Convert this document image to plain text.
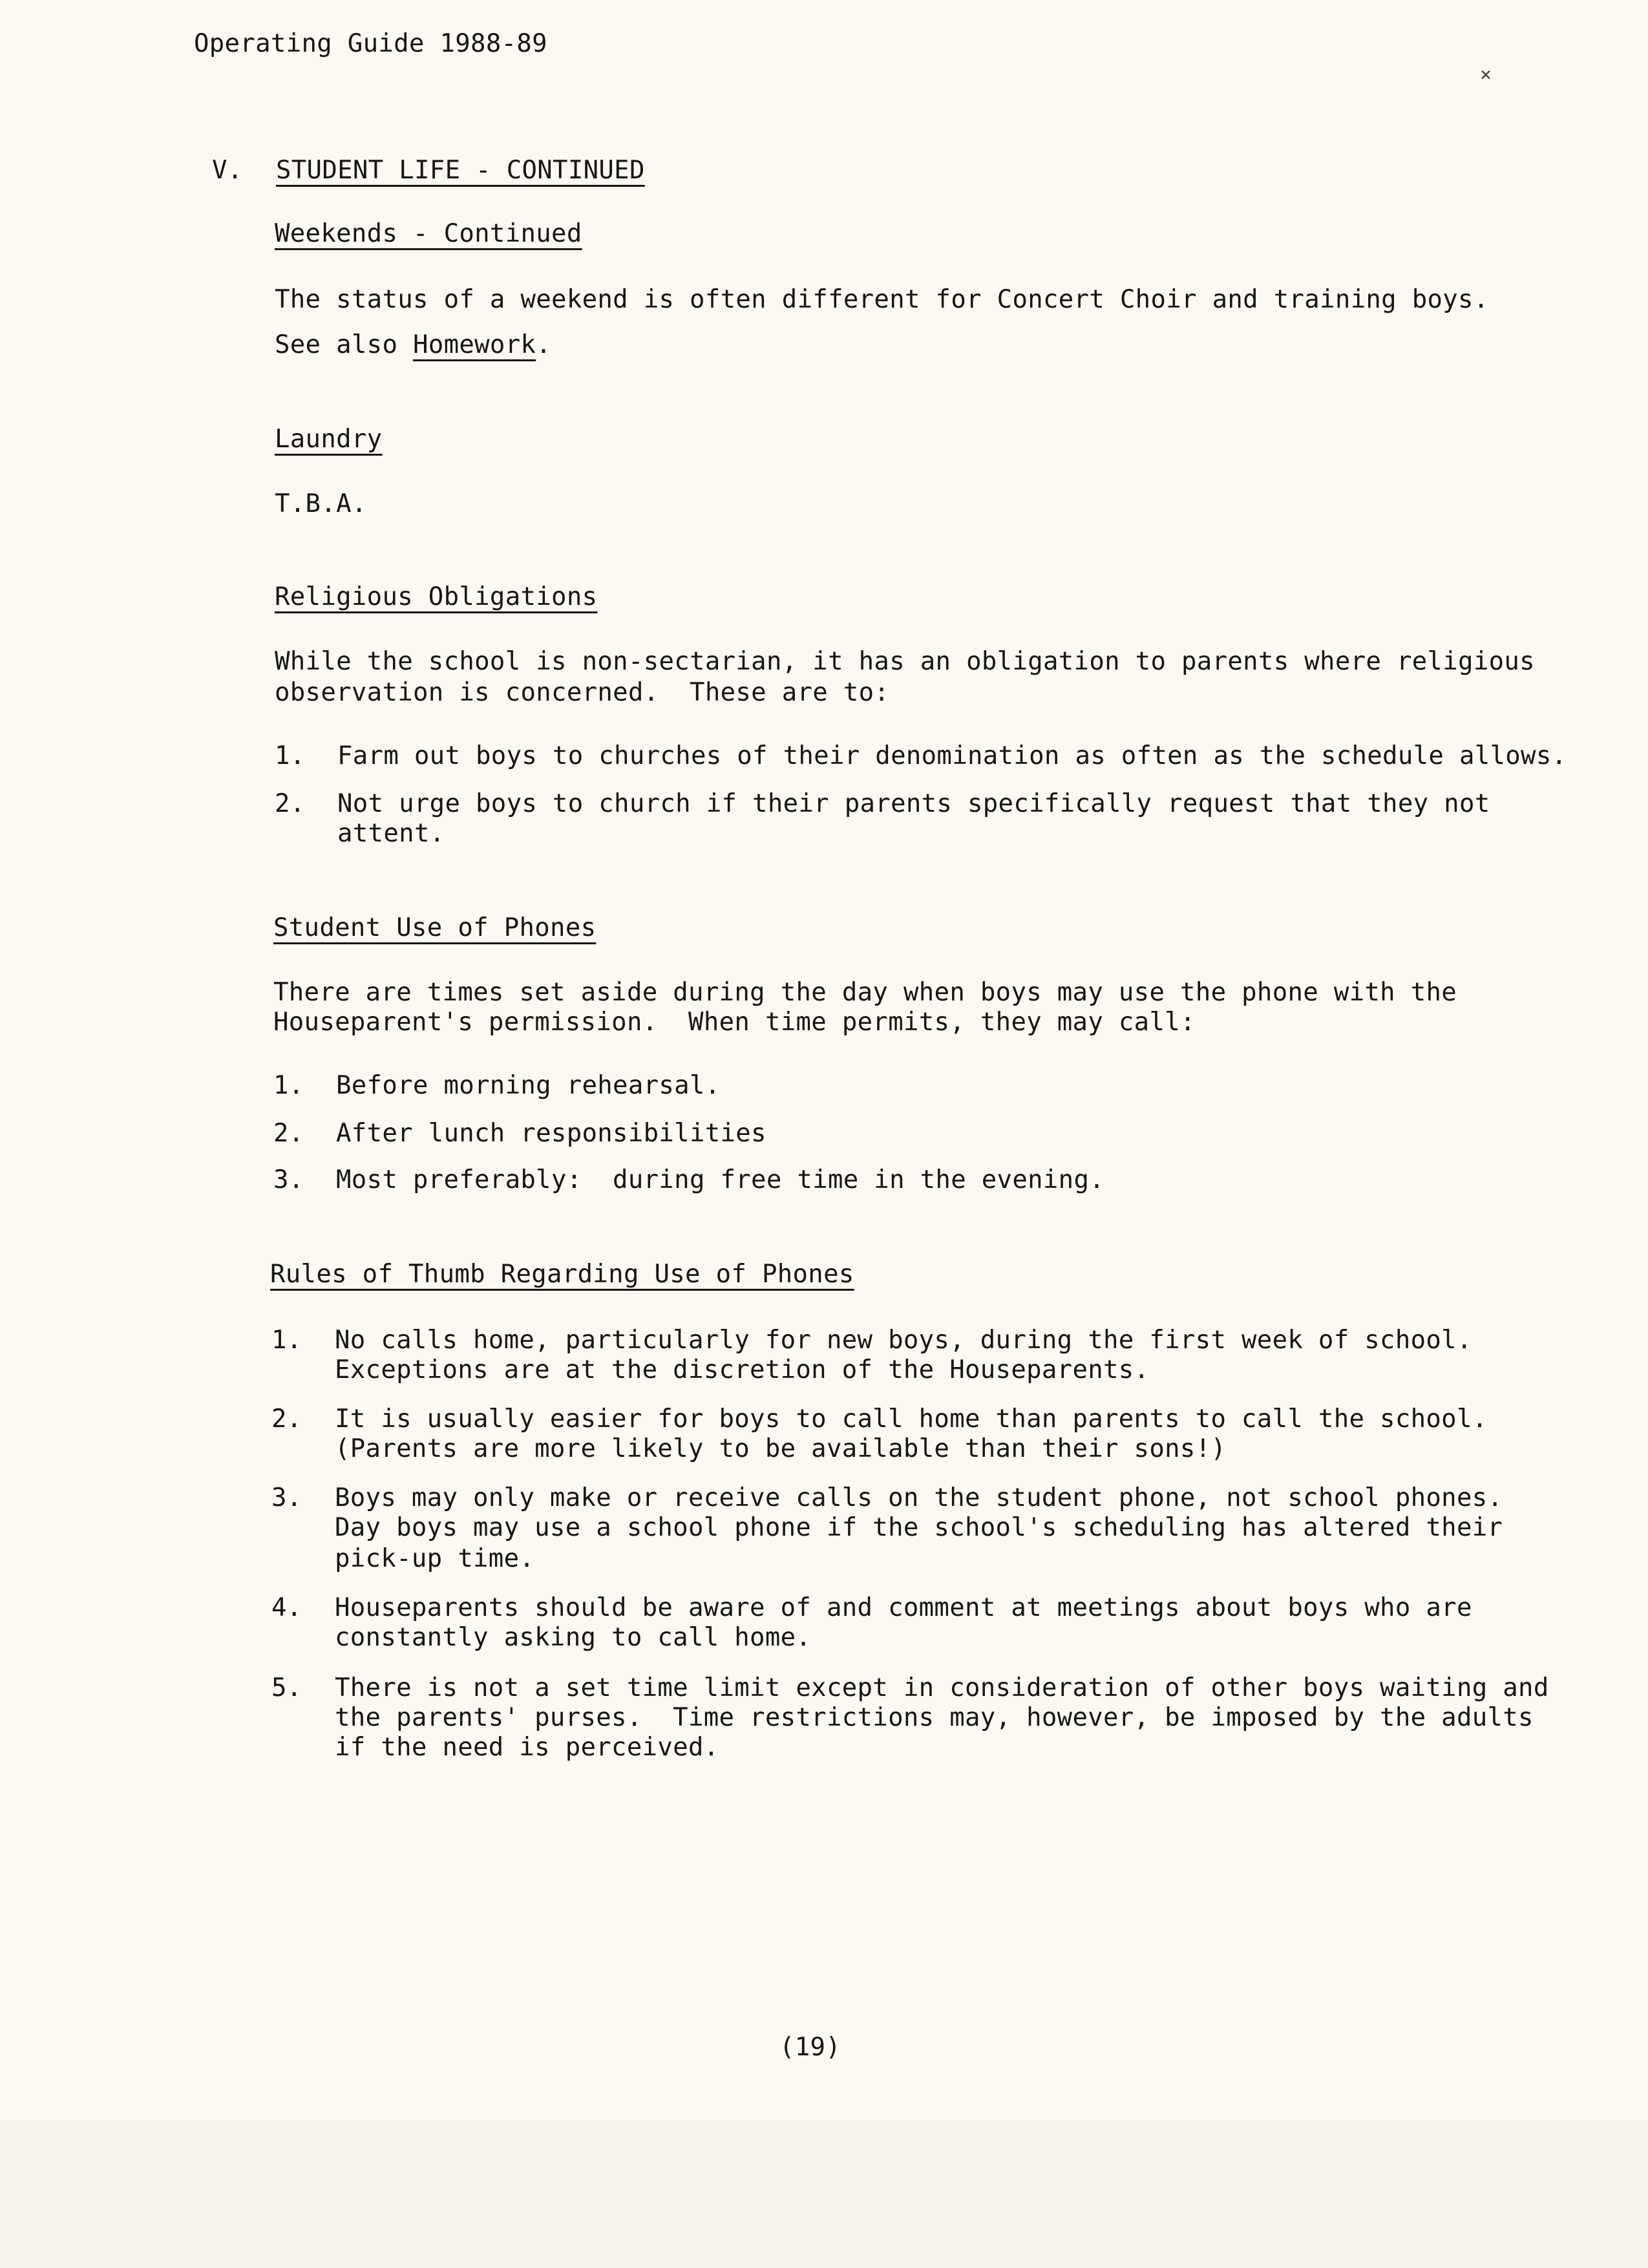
Operating Guide 1988-89
⨯
V. STUDENT LIFE - CONTINUED
Weekends - Continued
The status of a weekend is often different for Concert Choir and training boys.
See also Homework.
Laundry
T.B.A.
Religious Obligations
While the school is non-sectarian, it has an obligation to parents where religious
observation is concerned.  These are to:
1. Farm out boys to churches of their denomination as often as the schedule allows.
2. Not urge boys to church if their parents specifically request that they not
attent.
Student Use of Phones
There are times set aside during the day when boys may use the phone with the
Houseparent's permission.  When time permits, they may call:
1. Before morning rehearsal.
2. After lunch responsibilities
3. Most preferably:  during free time in the evening.
Rules of Thumb Regarding Use of Phones
1. No calls home, particularly for new boys, during the first week of school.
Exceptions are at the discretion of the Houseparents.
2. It is usually easier for boys to call home than parents to call the school.
(Parents are more likely to be available than their sons!)
3. Boys may only make or receive calls on the student phone, not school phones.
Day boys may use a school phone if the school's scheduling has altered their
pick-up time.
4. Houseparents should be aware of and comment at meetings about boys who are
constantly asking to call home.
5. There is not a set time limit except in consideration of other boys waiting and
the parents' purses.  Time restrictions may, however, be imposed by the adults
if the need is perceived.
(19)
